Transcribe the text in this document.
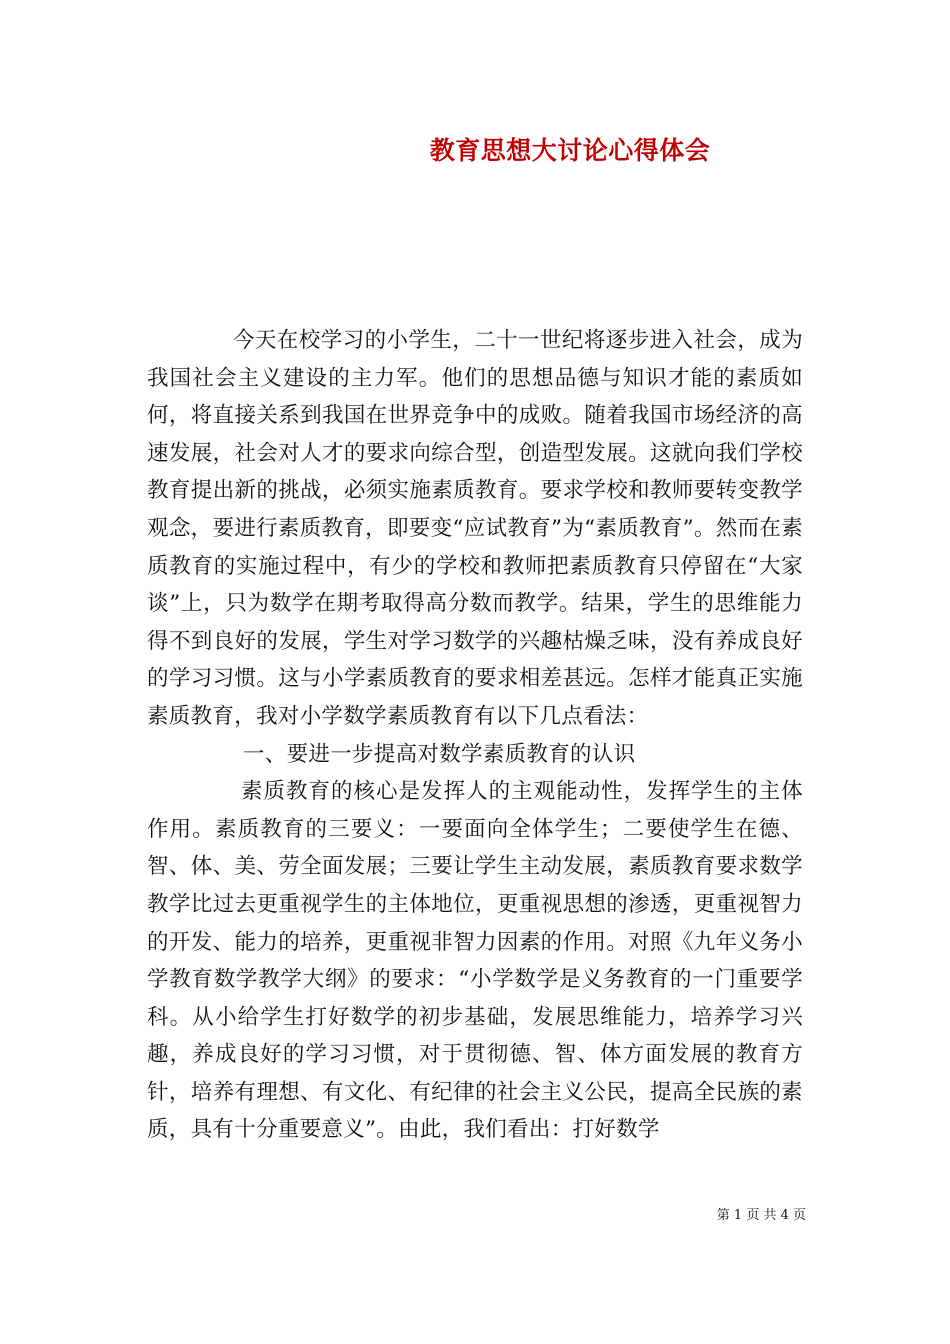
教育思想大讨论心得体会

今天在校学习的小学生，二十一世纪将逐步进入社会，成为我国社会主义建设的主力军。他们的思想品德与知识才能的素质如何，将直接关系到我国在世界竞争中的成败。随着我国市场经济的高速发展，社会对人才的要求向综合型，创造型发展。这就向我们学校教育提出新的挑战，必须实施素质教育。要求学校和教师要转变教学观念，要进行素质教育，即要变“应试教育”为“素质教育”。然而在素质教育的实施过程中，有少的学校和教师把素质教育只停留在“大家谈”上，只为数学在期考取得高分数而教学。结果，学生的思维能力得不到良好的发展，学生对学习数学的兴趣枯燥乏味，没有养成良好的学习习惯。这与小学素质教育的要求相差甚远。怎样才能真正实施素质教育，我对小学数学素质教育有以下几点看法：

一、要进一步提高对数学素质教育的认识

素质教育的核心是发挥人的主观能动性，发挥学生的主体作用。素质教育的三要义：一要面向全体学生；二要使学生在德、智、体、美、劳全面发展；三要让学生主动发展，素质教育要求数学教学比过去更重视学生的主体地位，更重视思想的渗透，更重视智力的开发、能力的培养，更重视非智力因素的作用。对照《九年义务小学教育数学教学大纲》的要求：“小学数学是义务教育的一门重要学科。从小给学生打好数学的初步基础，发展思维能力，培养学习兴趣，养成良好的学习习惯，对于贯彻德、智、体方面发展的教育方针，培养有理想、有文化、有纪律的社会主义公民，提高全民族的素质，具有十分重要意义”。由此，我们看出：打好数学

第 1 页 共 4 页
